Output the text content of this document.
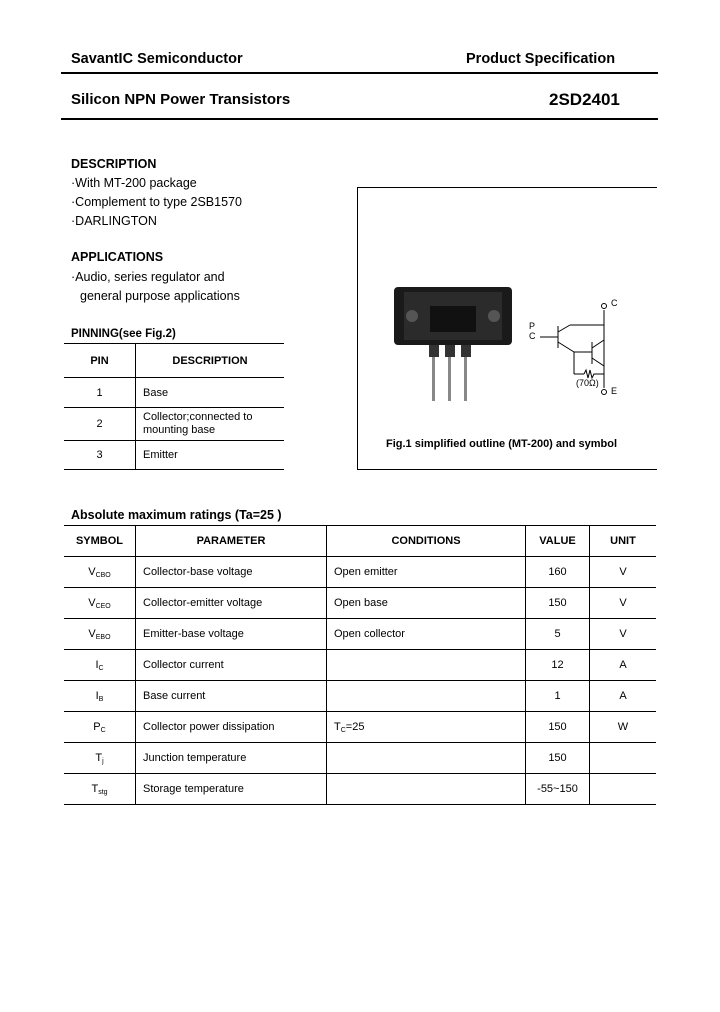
SavantIC Semiconductor	Product Specification
Silicon NPN Power Transistors	2SD2401
DESCRIPTION
·With MT-200 package
·Complement to type 2SB1570
·DARLINGTON
APPLICATIONS
·Audio, series regulator and
general purpose applications
PINNING(see Fig.2)
PIN	DESCRIPTION
1	Base

2	Collector;connected to
mounting base

3	Emitter
C
P
C
(70Ω)
E
Fig.1 simplified outline (MT-200) and symbol
Absolute maximum ratings (Ta=25 )
SYMBOL	PARAMETER	CONDITIONS	VALUE	UNIT
$V_{CBO}$	Collector-base voltage	Open emitter	160	V
$V_{CEO}$	Collector-emitter voltage	Open base	150	V
$V_{EBO}$	Emitter-base voltage	Open collector	5	V
$I_C$	Collector current		12	A
$I_B$	Base current		1	A
$P_C$	Collector power dissipation	$T_C=25$	150	W
$T_j$	Junction temperature		150	
$T_{stg}$	Storage temperature		-55~150	
